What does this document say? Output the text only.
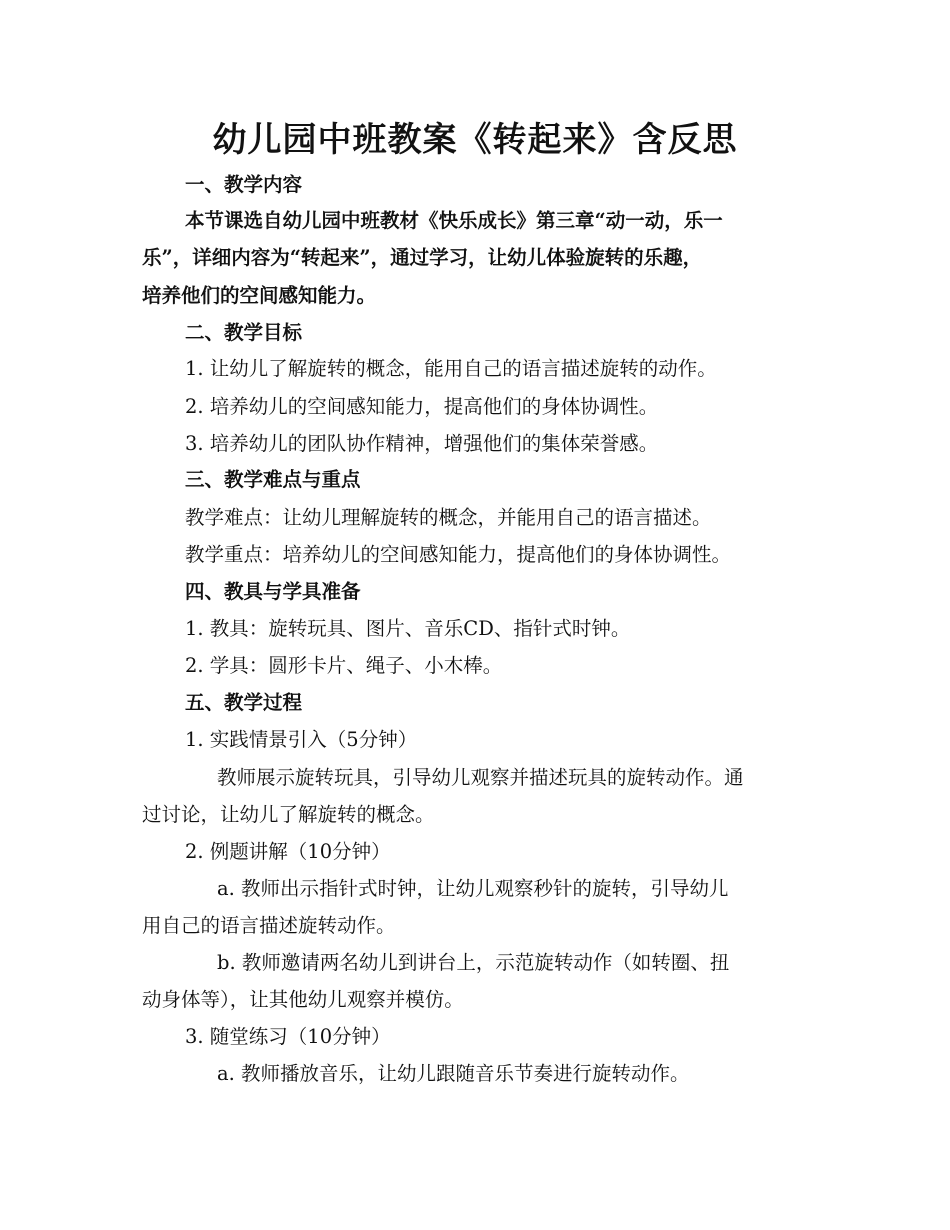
幼儿园中班教案《转起来》含反思
一、教学内容
本节课选自幼儿园中班教材《快乐成长》第三章“动一动，乐一
乐”，详细内容为“转起来”，通过学习，让幼儿体验旋转的乐趣，
培养他们的空间感知能力。
二、教学目标
1. 让幼儿了解旋转的概念，能用自己的语言描述旋转的动作。
2. 培养幼儿的空间感知能力，提高他们的身体协调性。
3. 培养幼儿的团队协作精神，增强他们的集体荣誉感。
三、教学难点与重点
教学难点：让幼儿理解旋转的概念，并能用自己的语言描述。
教学重点：培养幼儿的空间感知能力，提高他们的身体协调性。
四、教具与学具准备
1. 教具：旋转玩具、图片、音乐CD、指针式时钟。
2. 学具：圆形卡片、绳子、小木棒。
五、教学过程
1. 实践情景引入（5分钟）
教师展示旋转玩具，引导幼儿观察并描述玩具的旋转动作。通
过讨论，让幼儿了解旋转的概念。
2. 例题讲解（10分钟）
a. 教师出示指针式时钟，让幼儿观察秒针的旋转，引导幼儿
用自己的语言描述旋转动作。
b. 教师邀请两名幼儿到讲台上，示范旋转动作（如转圈、扭
动身体等），让其他幼儿观察并模仿。
3. 随堂练习（10分钟）
a. 教师播放音乐，让幼儿跟随音乐节奏进行旋转动作。
